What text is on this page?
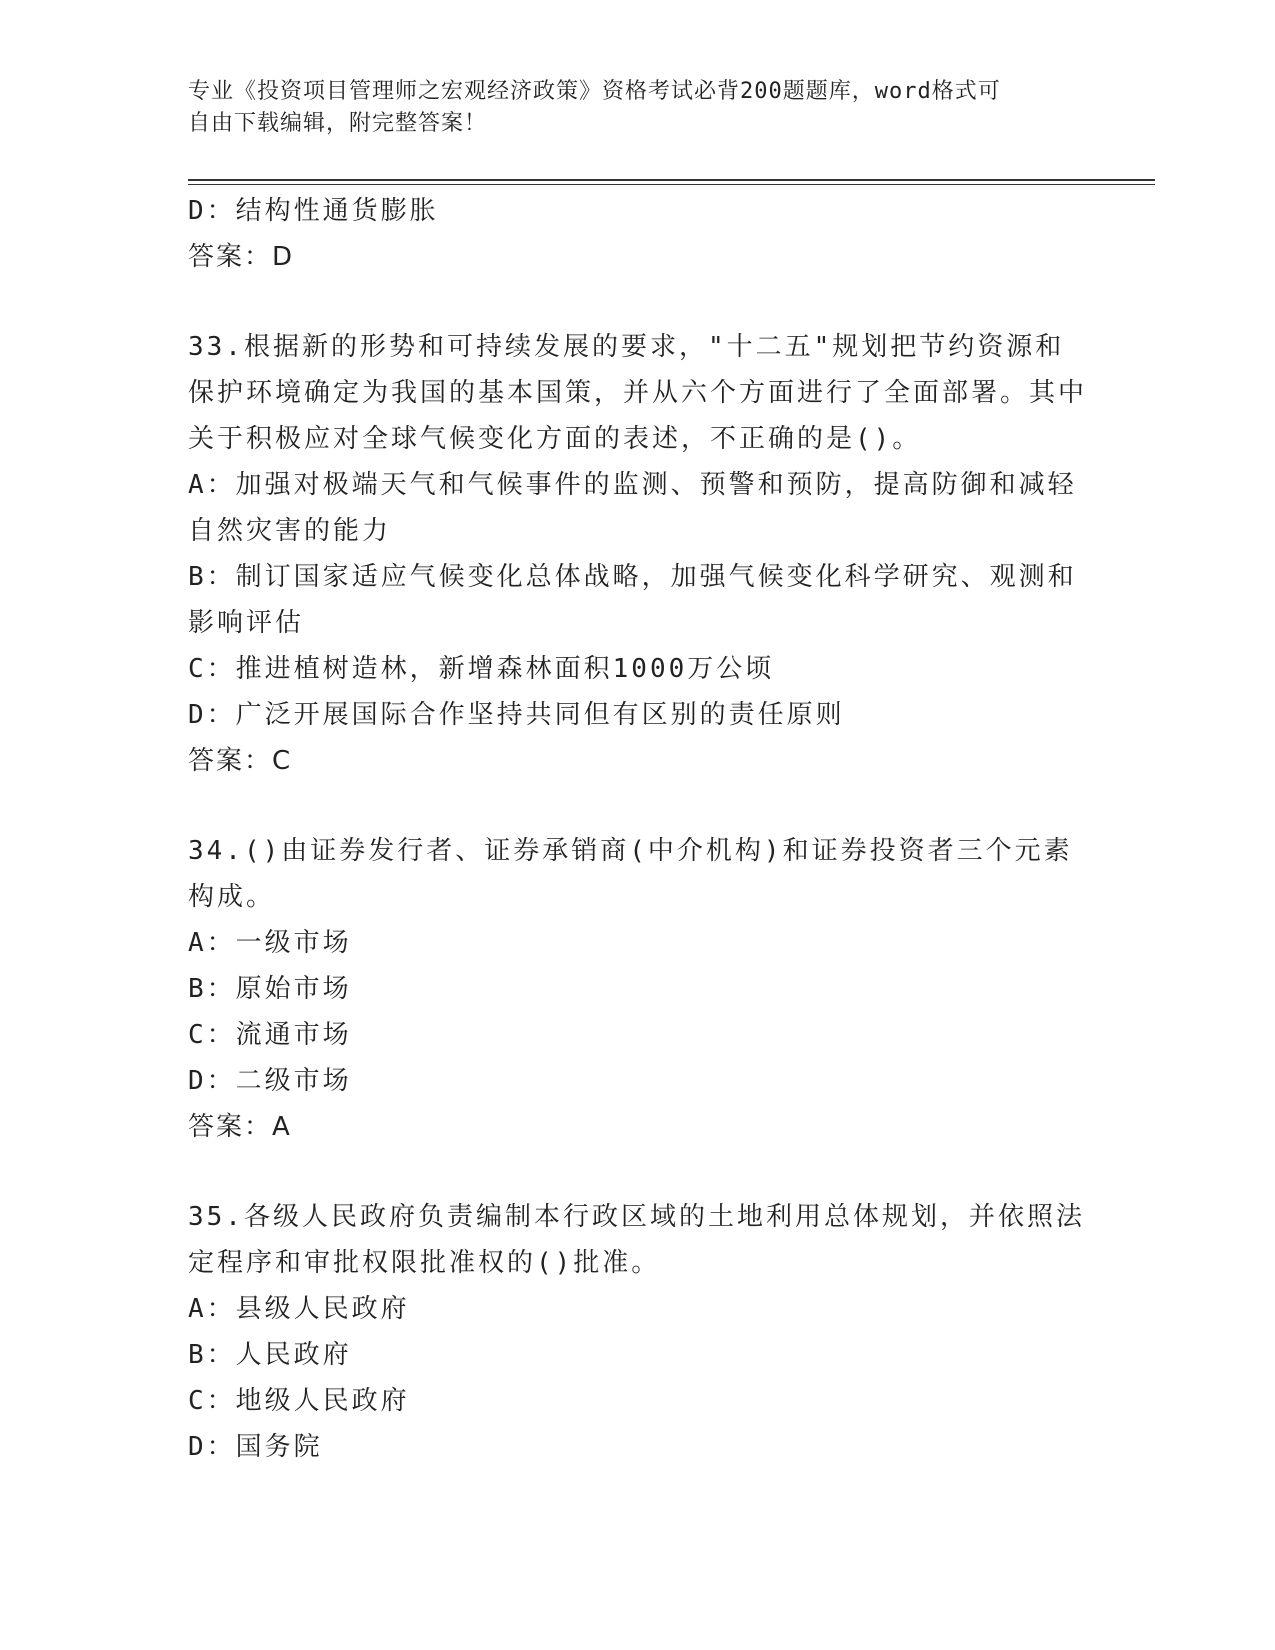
专业《投资项目管理师之宏观经济政策》资格考试必背200题题库，word格式可
自由下载编辑，附完整答案！
D：结构性通货膨胀
答案：D
33.根据新的形势和可持续发展的要求，"十二五"规划把节约资源和保护环境确定为我国的基本国策，并从六个方面进行了全面部署。其中关于积极应对全球气候变化方面的表述，不正确的是()。
A：加强对极端天气和气候事件的监测、预警和预防，提高防御和减轻自然灾害的能力
B：制订国家适应气候变化总体战略，加强气候变化科学研究、观测和影响评估
C：推进植树造林，新增森林面积1000万公顷
D：广泛开展国际合作坚持共同但有区别的责任原则
答案：C
34.()由证券发行者、证券承销商(中介机构)和证券投资者三个元素构成。
A：一级市场
B：原始市场
C：流通市场
D：二级市场
答案：A
35.各级人民政府负责编制本行政区域的土地利用总体规划，并依照法定程序和审批权限批准权的()批准。
A：县级人民政府
B：人民政府
C：地级人民政府
D：国务院
